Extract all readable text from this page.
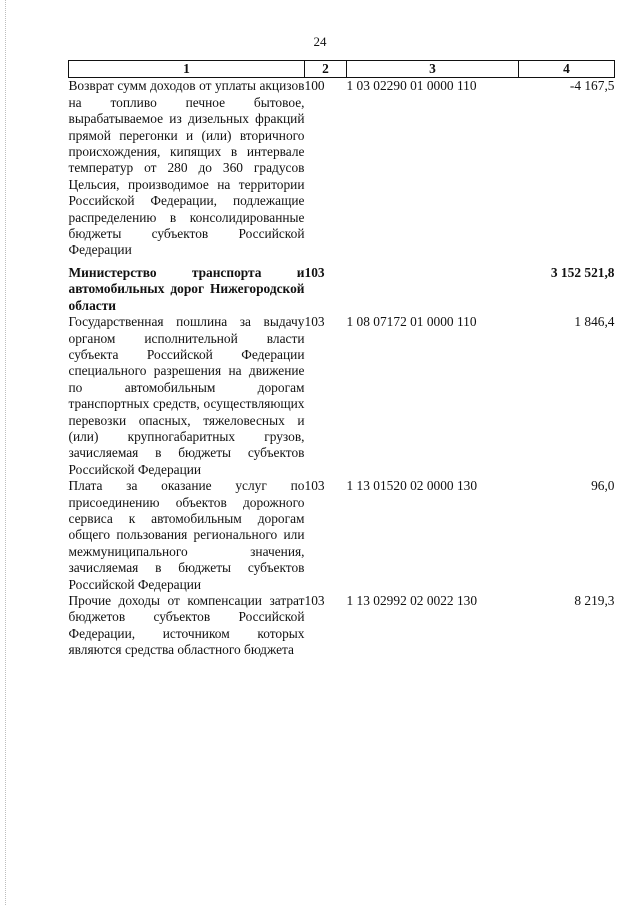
24
1	2	3	4
Возврат сумм доходов от уплаты акцизов на топливо печное бытовое, вырабатываемое из дизельных фракций прямой перегонки и (или) вторичного происхождения, кипящих в интервале температур от 280 до 360 градусов Цельсия, производимое на территории Российской Федерации, подлежащие распределению в консолидированные бюджеты субъектов Российской Федерации	100	1 03 02290 01 0000 110	-4 167,5

Министерство транспорта и автомобильных дорог Нижегородской области	103		3 152 521,8
Государственная пошлина за выдачу органом исполнительной власти субъекта Российской Федерации специального разрешения на движение по автомобильным дорогам транспортных средств, осуществляющих перевозки опасных, тяжеловесных и (или) крупногабаритных грузов, зачисляемая в бюджеты субъектов Российской Федерации	103	1 08 07172 01 0000 110	1 846,4
Плата за оказание услуг по присоединению объектов дорожного сервиса к автомобильным дорогам общего пользования регионального или межмуниципального значения, зачисляемая в бюджеты субъектов Российской Федерации	103	1 13 01520 02 0000 130	96,0
Прочие доходы от компенсации затрат бюджетов субъектов Российской Федерации, источником которых являются средства областного бюджета	103	1 13 02992 02 0022 130	8 219,3
